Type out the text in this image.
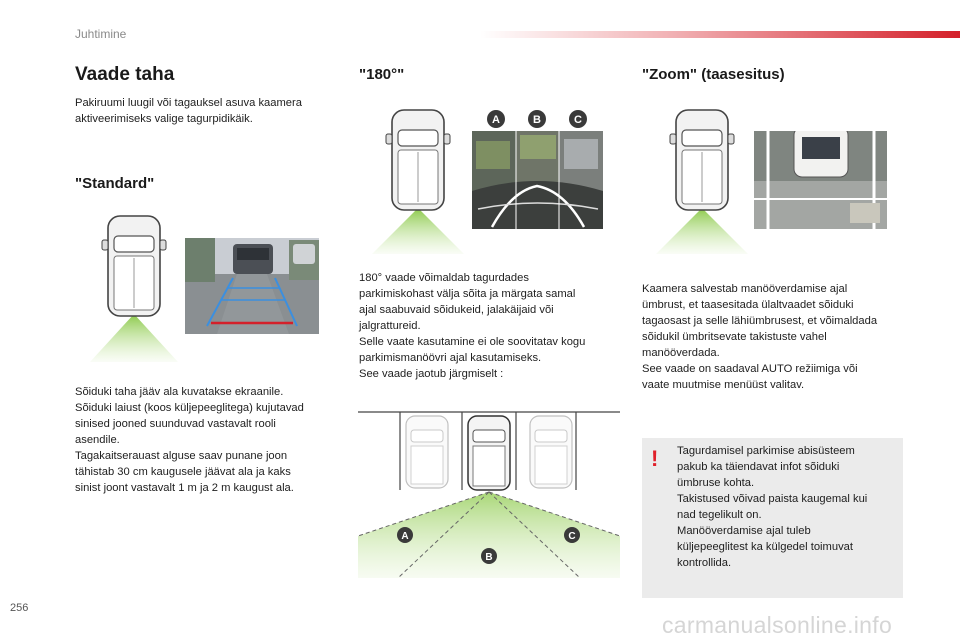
Juhtimine
Vaade taha
Pakiruumi luugil või tagauksel asuva kaamera
aktiveerimiseks valige tagurpidikäik.
"Standard"
Sõiduki taha jääv ala kuvatakse ekraanile.
Sõiduki laiust (koos küljepeeglitega) kujutavad
sinised jooned suunduvad vastavalt rooli
asendile.
Tagakaitserauast alguse saav punane joon
tähistab 30 cm kaugusele jäävat ala ja kaks
sinist joont vastavalt 1 m ja 2 m kaugust ala.
"180°"
A	B	C
180° vaade võimaldab tagurdades
parkimiskohast välja sõita ja märgata samal
ajal saabuvaid sõidukeid, jalakäijaid või
jalgrattureid.
Selle vaate kasutamine ei ole soovitatav kogu
parkimismanöövri ajal kasutamiseks.
See vaade jaotub järgmiselt :
A
B
C
"Zoom" (taasesitus)
Kaamera salvestab manööverdamise ajal
ümbrust, et taasesitada ülaltvaadet sõiduki
tagaosast ja selle lähiümbrusest, et võimaldada
sõidukil ümbritsevate takistuste vahel
manööverdada.
See vaade on saadaval AUTO režiimiga või
vaate muutmise menüüst valitav.
! Tagurdamisel parkimise abisüsteem
pakub ka täiendavat infot sõiduki
ümbruse kohta.
Takistused võivad paista kaugemal kui
nad tegelikult on.
Manööverdamise ajal tuleb
küljepeeglitest ka külgedel toimuvat
kontrollida.
256
carmanualsonline.info
